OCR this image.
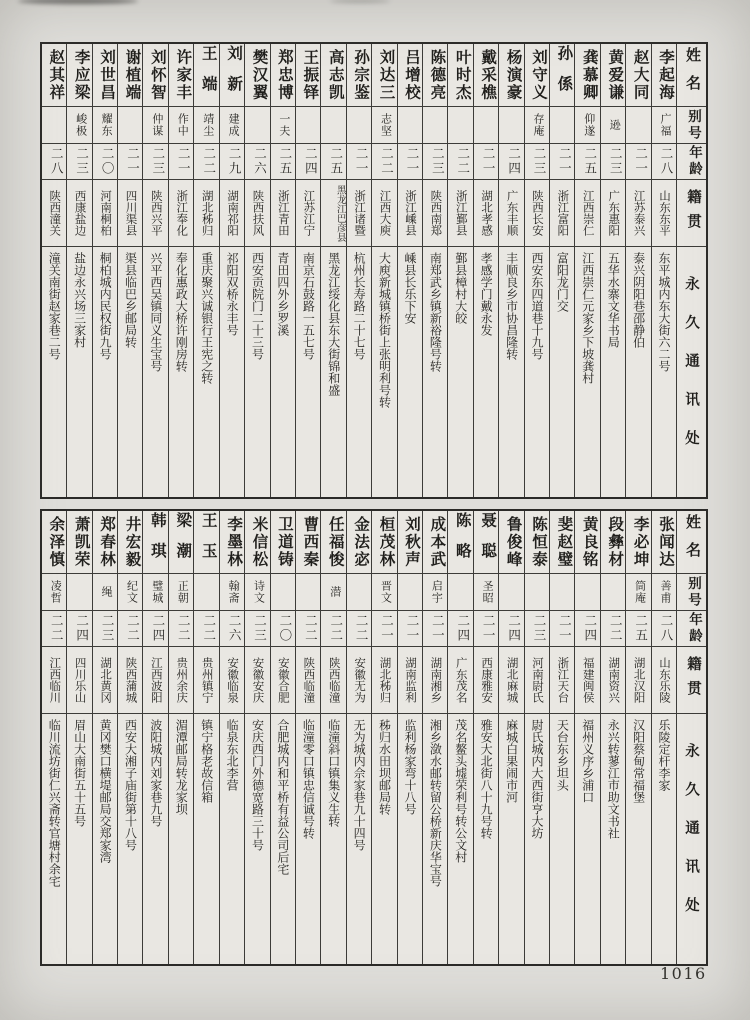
姓名
别号
年龄
籍贯
永久通讯处
李起海
广福
二八
山东东平
东平城内东大街六二号
赵大同
二一
江苏泰兴
泰兴阴阳巷邵静伯
黄爱谦
逊
二三
广东惠阳
五华水寨文华书局
龚慕卿
仰遂
二五
江西崇仁
江西崇仁元家乡下坡龚村
孙係
二一
浙江富阳
富阳龙门交
刘守义
存庵
二三
陕西长安
西安东四道巷十九号
杨演豪
二四
广东丰顺
丰顺良乡市协昌隆转
戴采樵
二一
湖北孝感
孝感学门戴永发
叶时杰
二二
浙江鄞县
鄞县樟村大皎
陈德亮
二三
陕西南郑
南郑武乡镇新裕隆号转
吕增校
二一
浙江嵊县
嵊县长乐下安
刘达三
志坚
二二
江西大庾
大庾新城镇桥街上张明利号转
孙宗鉴
二一
浙江诸暨
杭州长寿路二十七号
高志凯
二五
黑龙江巴彦县
黑龙江绥化县东大街锦和盛
王振铎
二四
江苏江宁
南京石鼓路一五七号
郑忠博
一夫
二五
浙江青田
青田四外乡罗溪
樊汉翼
二六
陕西扶风
西安贡院门二十三号
刘新
建成
二九
湖南祁阳
祁阳双桥永丰号
王端
靖尘
二二
湖北秭归
重庆聚兴诚银行王宪之转
许家丰
作中
二一
浙江奉化
奉化惠政大桥许刚房转
刘怀智
仲谋
二三
陕西兴平
兴平西吴镇同义生宝号
谢植端
二一
四川渠县
渠县临巴乡邮局转
刘世昌
耀东
二〇
河南桐柏
桐柏城内民权街九号
李应梁
峻极
二三
西康盐边
盐边永兴场三家村
赵其祥
二八
陕西潼关
潼关南街赵家巷二号
姓名
别号
年龄
籍贯
永久通讯处
张闻达
善甫
二八
山东乐陵
乐陵定杆李家
李必坤
筒庵
二五
湖北汉阳
汉阳蔡甸常福堡
段彝材
二二
湖南资兴
永兴转蓼江市助文书社
黄良铭
二四
福建闽侯
福州义序乡浦口
斐赵璧
二一
浙江天台
天台东乡坦头
陈恒泰
二三
河南尉氏
尉氏城内大西街亨大坊
鲁俊峰
二四
湖北麻城
麻城白果闹市河
聂聪
圣昭
二一
西康雅安
雅安大北街八十九号转
陈略
二四
广东茂名
茂名鳌头墟荣利号转公文村
成本武
启宇
二一
湖南湘乡
湘乡潋水邮转留公桥新庆华宝号
刘秋声
二一
湖南监利
监利杨家弯十八号
桓茂林
晋文
二一
湖北秭归
秭归水田坝邮局转
金法宓
二二
安徽无为
无为城内佘家巷九十四号
任福悛
潜
二二
陕西临潼
临潼斜口镇集义生转
曹西秦
二二
陕西临潼
临潼零口镇忠信诚号转
卫道铸
二〇
安徽合肥
合肥城内和平桥有益公司后宅
米信松
诗文
二三
安徽安庆
安庆西门外德宽路三十号
李墨林
翰斋
二六
安徽临泉
临泉东北李营
王玉
二二
贵州镇宁
镇宁格老故信箱
梁潮
正朝
二二
贵州余庆
湄潭邮局转龙家坝
韩琪
璧城
二四
江西波阳
波阳城内刘家巷九号
井宏毅
纪文
二二
陕西蒲城
西安大湘子庙街第十八号
郑春林
绳
二三
湖北黄冈
黄冈樊口横堤邮局交郑家湾
萧凯荣
二四
四川乐山
眉山大南街五十五号
余泽慎
凌哲
二二
江西临川
临川流坊街仁兴斋转官塘村余宅
1016
